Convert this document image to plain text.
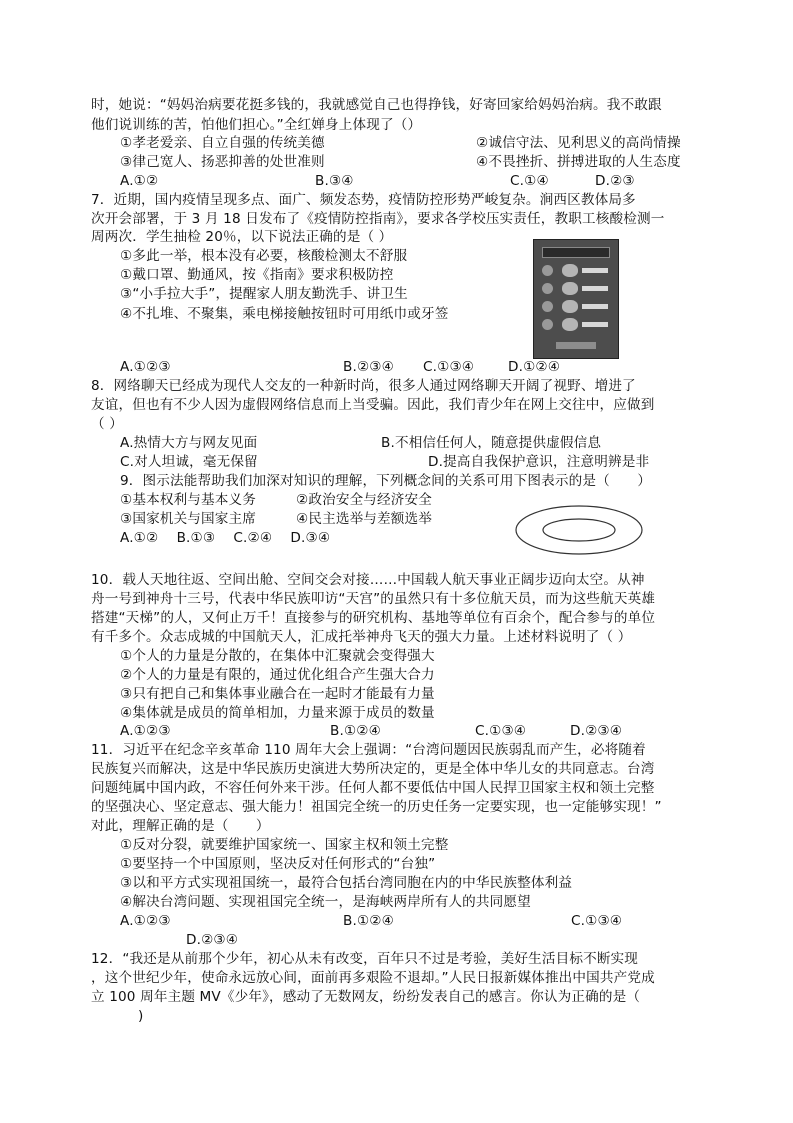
时，她说：“妈妈治病要花挺多钱的，我就感觉自己也得挣钱，好寄回家给妈妈治病。我不敢跟
他们说训练的苦，怕他们担心。”全红婵身上体现了（）
①孝老爱亲、自立自强的传统美德	②诚信守法、见利思义的高尚情操
③律己宽人、扬恶抑善的处世准则	④不畏挫折、拼搏进取的人生态度
A.①②	B.③④	C.①④	D.②③
7．近期，国内疫情呈现多点、面广、频发态势，疫情防控形势严峻复杂。涧西区教体局多
次开会部署，于 3 月 18 日发布了《疫情防控指南》，要求各学校压实责任，教职工核酸检测一
周两次．学生抽检 20％，以下说法正确的是（ ）
①多此一举，根本没有必要，核酸检测太不舒服
①戴口罩、勤通风，按《指南》要求积极防控
③“小手拉大手”，提醒家人朋友勤洗手、讲卫生
④不扎堆、不聚集，乘电梯接触按钮时可用纸巾或牙签
A.①②③	B.②③④ C.①③④ D.①②④
8．网络聊天已经成为现代人交友的一种新时尚，很多人通过网络聊天开阔了视野、增进了
友谊，但也有不少人因为虚假网络信息而上当受骗。因此，我们青少年在网上交往中，应做到
（ ）
A.热情大方与网友见面	B.不相信任何人，随意提供虚假信息
C.对人坦诚，毫无保留	D.提高自我保护意识，注意明辨是非
9．图示法能帮助我们加深对知识的理解，下列概念间的关系可用下图表示的是（　　）
①基本权利与基本义务	②政治安全与经济安全
③国家机关与国家主席	④民主选举与差额选举
A.①②　 B.①③　 C.②④　 D.③④
10．载人天地往返、空间出舱、空间交会对接……中国载人航天事业正阔步迈向太空。从神
舟一号到神舟十三号，代表中华民族叩访“天宫”的虽然只有十多位航天员，而为这些航天英雄
搭建“天梯”的人，又何止万千！直接参与的研究机构、基地等单位有百余个，配合参与的单位
有千多个。众志成城的中国航天人，汇成托举神舟飞天的强大力量。上述材料说明了（ ）
①个人的力量是分散的，在集体中汇聚就会变得强大
②个人的力量是有限的，通过优化组合产生强大合力
③只有把自己和集体事业融合在一起时才能最有力量
④集体就是成员的简单相加，力量来源于成员的数量
A.①②③	B.①②④	C.①③④	D.②③④
11．习近平在纪念辛亥革命 110 周年大会上强调：“台湾问题因民族弱乱而产生，必将随着
民族复兴而解决，这是中华民族历史演进大势所决定的，更是全体中华儿女的共同意志。台湾
问题纯属中国内政，不容任何外来干涉。任何人都不要低估中国人民捍卫国家主权和领土完整
的坚强决心、坚定意志、强大能力！祖国完全统一的历史任务一定要实现，也一定能够实现！”
对此，理解正确的是（　　）
①反对分裂，就要维护国家统一、国家主权和领土完整
①要坚持一个中国原则，坚决反对任何形式的“台独”
③以和平方式实现祖国统一，最符合包括台湾同胞在内的中华民族整体利益
④解决台湾问题、实现祖国完全统一，是海峡两岸所有人的共同愿望
A.①②③	B.①②④	C.①③④
D.②③④
12．“我还是从前那个少年，初心从未有改变，百年只不过是考验，美好生活目标不断实现
，这个世纪少年，使命永远放心间，面前再多艰险不退却。”人民日报新媒体推出中国共产党成
立 100 周年主题 MV《少年》，感动了无数网友，纷纷发表自己的感言。你认为正确的是（
)
